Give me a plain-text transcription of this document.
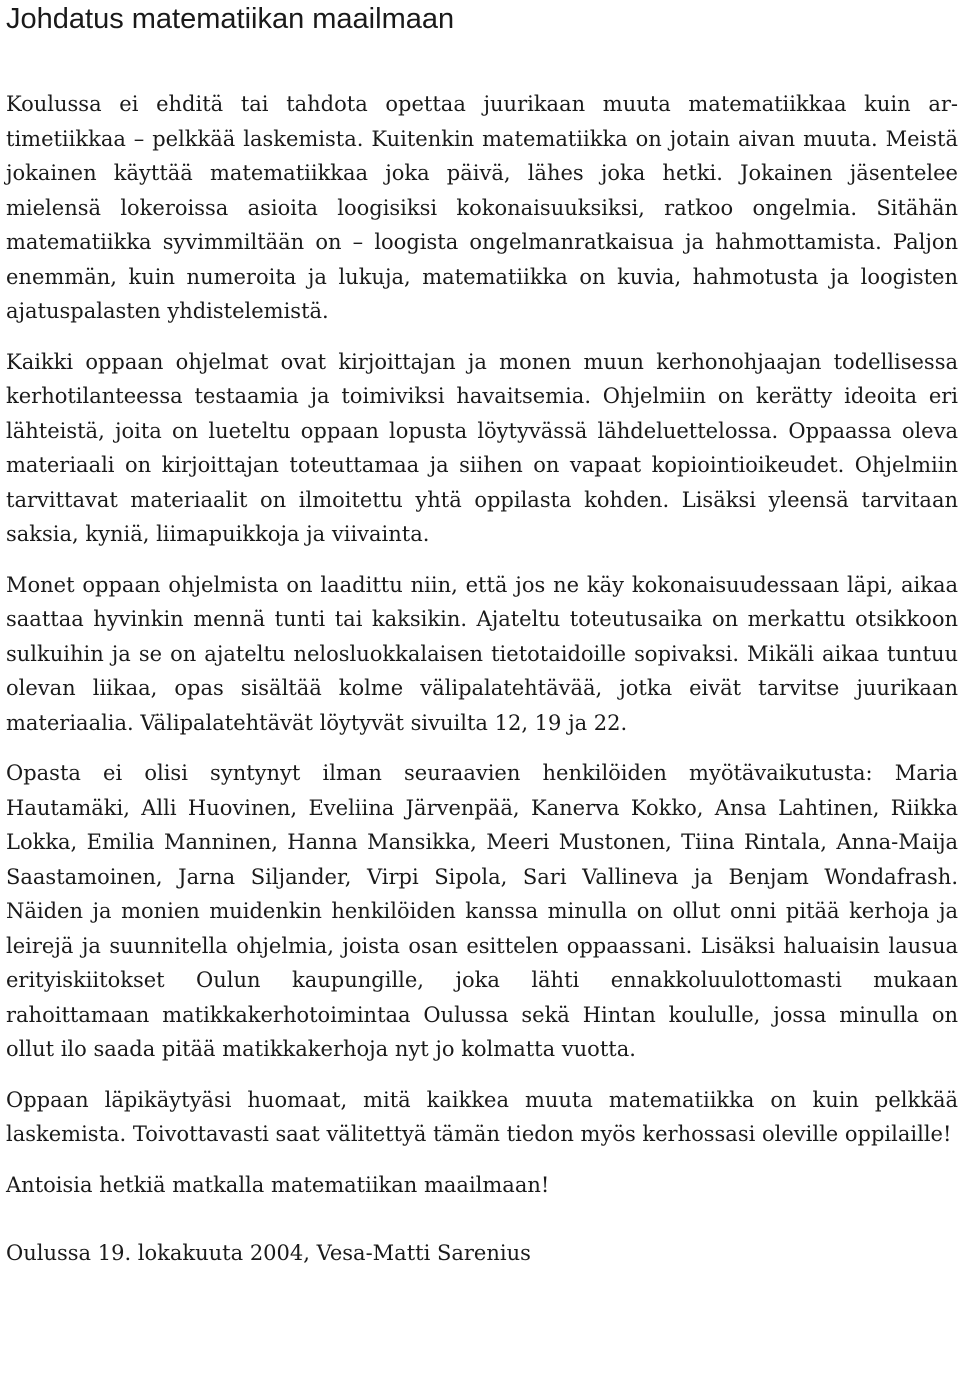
Johdatus matematiikan maailmaan

Koulussa ei ehditä tai tahdota opettaa juurikaan muuta matematiikkaa kuin artimetiikkaa – pelkkää laskemista. Kuitenkin matematiikka on jotain aivan muuta. Meistä jokainen käyttää matematiikkaa joka päivä, lähes joka hetki. Jokainen jäsentelee mielensä lokeroissa asioita loogisiksi kokonaisuuksiksi, ratkoo ongelmia. Sitähän matematiikka syvimmiltään on – loogista ongelmanratkaisua ja hahmottamista. Paljon enemmän, kuin numeroita ja lukuja, matematiikka on kuvia, hahmotusta ja loogisten ajatuspalasten yhdistelemistä.

Kaikki oppaan ohjelmat ovat kirjoittajan ja monen muun kerhonohjaajan todellisessa kerhotilanteessa testaamia ja toimiviksi havaitsemia. Ohjelmiin on kerätty ideoita eri lähteistä, joita on lueteltu oppaan lopusta löytyvässä lähdeluettelossa. Oppaassa oleva materiaali on kirjoittajan toteuttamaa ja siihen on vapaat kopiointioikeudet. Ohjelmiin tarvittavat materiaalit on ilmoitettu yhtä oppilasta kohden. Lisäksi yleensä tarvitaan saksia, kyniä, liimapuikkoja ja viivainta.

Monet oppaan ohjelmista on laadittu niin, että jos ne käy kokonaisuudessaan läpi, aikaa saattaa hyvinkin mennä tunti tai kaksikin. Ajateltu toteutusaika on merkattu otsikkoon sulkuihin ja se on ajateltu nelosluokkalaisen tietotaidoille sopivaksi. Mikäli aikaa tuntuu olevan liikaa, opas sisältää kolme välipalatehtävää, jotka eivät tarvitse juurikaan materiaalia. Välipalatehtävät löytyvät sivuilta 12, 19 ja 22.

Opasta ei olisi syntynyt ilman seuraavien henkilöiden myötävaikutusta: Maria Hautamäki, Alli Huovinen, Eveliina Järvenpää, Kanerva Kokko, Ansa Lahtinen, Riikka Lokka, Emilia Manninen, Hanna Mansikka, Meeri Mustonen, Tiina Rintala, Anna-Maija Saastamoinen, Jarna Siljander, Virpi Sipola, Sari Vallineva ja Benjam Wondafrash. Näiden ja monien muidenkin henkilöiden kanssa minulla on ollut onni pitää kerhoja ja leirejä ja suunnitella ohjelmia, joista osan esittelen oppaassani. Lisäksi haluaisin lausua erityiskiitokset Oulun kaupungille, joka lähti ennakkoluulottomasti mukaan rahoittamaan matikkakerhotoimintaa Oulussa sekä Hintan koululle, jossa minulla on ollut ilo saada pitää matikkakerhoja nyt jo kolmatta vuotta.

Oppaan läpikäytyäsi huomaat, mitä kaikkea muuta matematiikka on kuin pelkkää laskemista. Toivottavasti saat välitettyä tämän tiedon myös kerhossasi oleville oppilaille!

Antoisia hetkiä matkalla matematiikan maailmaan!

Oulussa 19. lokakuuta 2004, Vesa-Matti Sarenius
